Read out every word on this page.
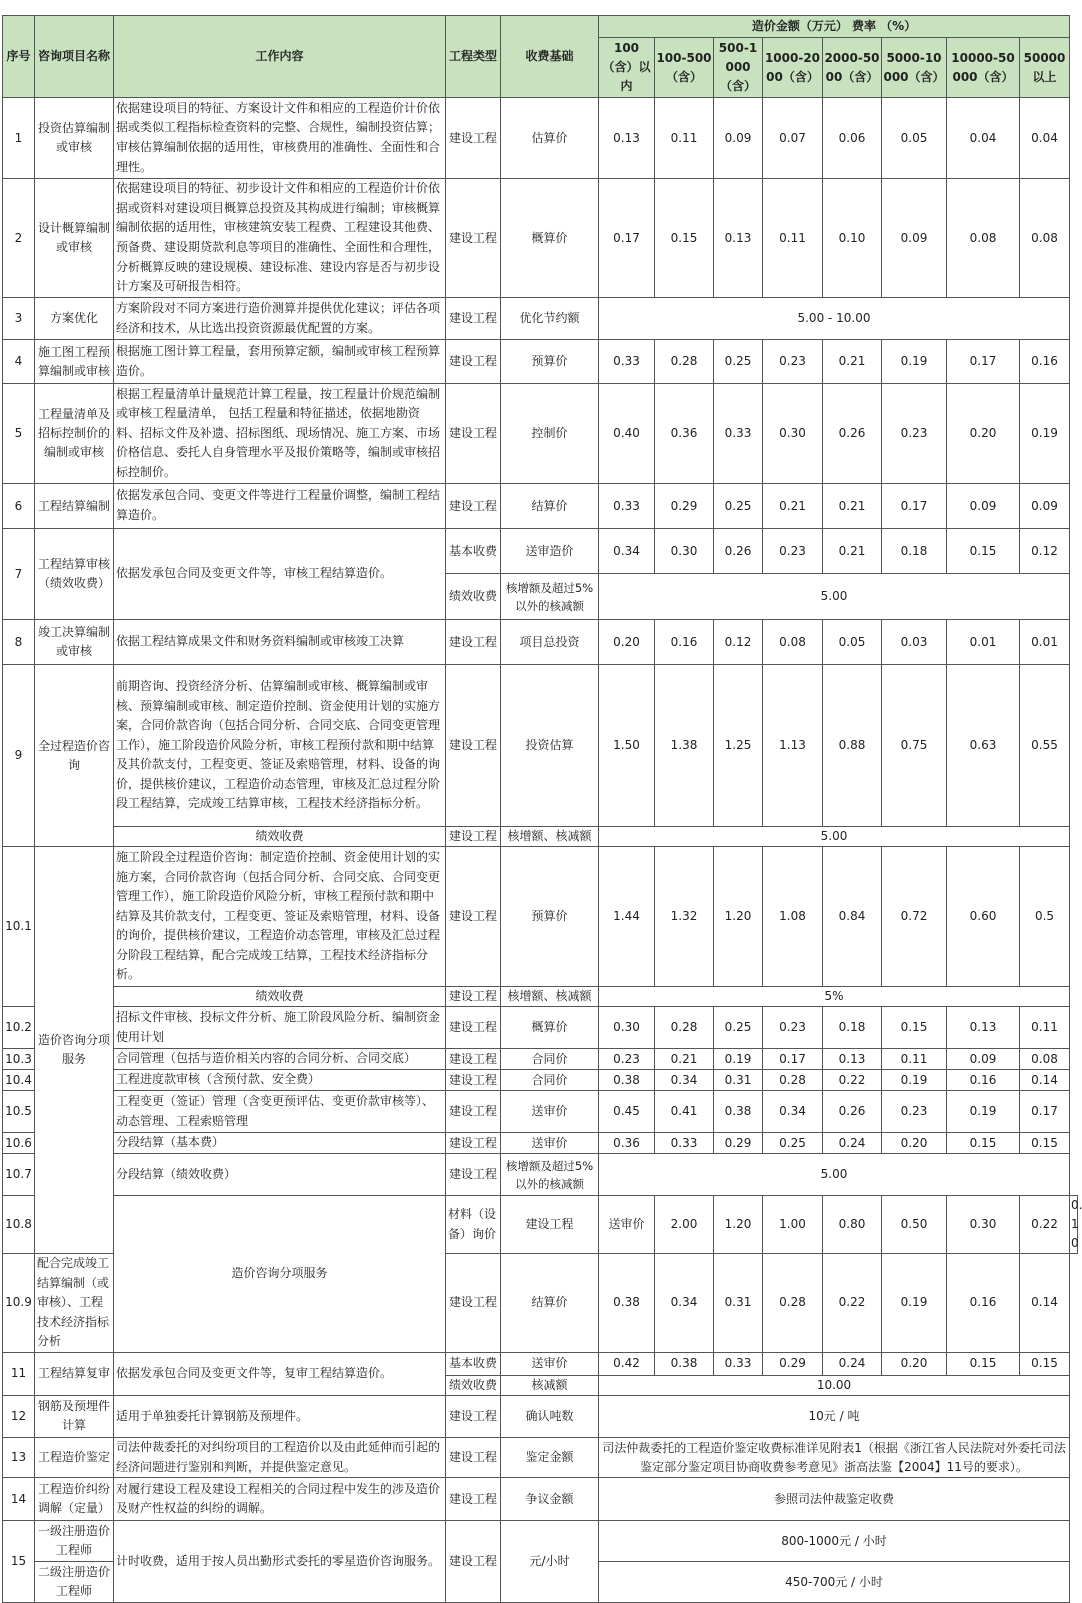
序号	咨询项目名称	工作内容	工程类型	收费基础	造价金额（万元） 费率 （%）								
					100（含）以内	100-500（含）	500-1000（含）	1000-2000（含）	2000-5000（含）	5000-10000（含）	10000-50000（含）	50000以上	
1	投资估算编制或审核	依据建设项目的特征、方案设计文件和相应的工程造价计价依据或类似工程指标检查资料的完整、合规性，编制投资估算； 审核估算编制依据的适用性，审核费用的准确性、全面性和合理性。	建设工程	估算价	0.13	0.11	0.09	0.07	0.06	0.05	0.04	0.04	
2	设计概算编制或审核	依据建设项目的特征、初步设计文件和相应的工程造价计价依据或资料对建设项目概算总投资及其构成进行编制；审核概算编制依据的适用性，审核建筑安装工程费、工程建设其他费、预备费、建设期贷款利息等项目的准确性、全面性和合理性，分析概算反映的建设规模、建设标准、建设内容是否与初步设计方案及可研报告相符。	建设工程	概算价	0.17	0.15	0.13	0.11	0.10	0.09	0.08	0.08	
3	方案优化	方案阶段对不同方案进行造价测算并提供优化建议；评估各项经济和技术，从比选出投资资源最优配置的方案。	建设工程	优化节约额	5.00 - 10.00								
4	施工图工程预算编制或审核	根据施工图计算工程量，套用预算定额，编制或审核工程预算造价。	建设工程	预算价	0.33	0.28	0.25	0.23	0.21	0.19	0.17	0.16	
5	工程量清单及招标控制价的编制或审核	根据工程量清单计量规范计算工程量，按工程量计价规范编制或审核工程量清单， 包括工程量和特征描述，依据地勘资料、招标文件及补遗、招标图纸、现场情况、施工方案、市场价格信息、委托人自身管理水平及报价策略等，编制或审核招标控制价。	建设工程	控制价	0.40	0.36	0.33	0.30	0.26	0.23	0.20	0.19	
6	工程结算编制	依据发承包合同、变更文件等进行工程量价调整，编制工程结算造价。	建设工程	结算价	0.33	0.29	0.25	0.21	0.21	0.17	0.09	0.09	
7	工程结算审核（绩效收费）	依据发承包合同及变更文件等，审核工程结算造价。	基本收费	送审造价	0.34	0.30	0.26	0.23	0.21	0.18	0.15	0.12	
			绩效收费	核增额及超过5%以外的核减额	5.00								
8	竣工决算编制或审核	依据工程结算成果文件和财务资料编制或审核竣工决算	建设工程	项目总投资	0.20	0.16	0.12	0.08	0.05	0.03	0.01	0.01	
9	全过程造价咨询	前期咨询、投资经济分析、估算编制或审核、概算编制或审核、预算编制或审核、制定造价控制、资金使用计划的实施方案，合同价款咨询（包括合同分析、合同交底、合同变更管理工作），施工阶段造价风险分析，审核工程预付款和期中结算及其价款支付，工程变更、签证及索赔管理，材料、设备的询价，提供核价建议，工程造价动态管理，审核及汇总过程分阶段工程结算，完成竣工结算审核，工程技术经济指标分析。	建设工程	投资估算	1.50	1.38	1.25	1.13	0.88	0.75	0.63	0.55	
		绩效收费	建设工程	核增额、核减额	5.00								
10.1	造价咨询分项服务	施工阶段全过程造价咨询：制定造价控制、资金使用计划的实施方案，合同价款咨询（包括合同分析、合同交底、合同变更管理工作），施工阶段造价风险分析，审核工程预付款和期中结算及其价款支付，工程变更、签证及索赔管理，材料、设备的询价，提供核价建议，工程造价动态管理，审核及汇总过程分阶段工程结算，配合完成竣工结算，工程技术经济指标分析。	建设工程	预算价	1.44	1.32	1.20	1.08	0.84	0.72	0.60	0.5	
		绩效收费	建设工程	核增额、核减额	5%								
10.2		招标文件审核、投标文件分析、施工阶段风险分析、编制资金使用计划	建设工程	概算价	0.30	0.28	0.25	0.23	0.18	0.15	0.13	0.11	
10.3		合同管理（包括与造价相关内容的合同分析、合同交底）	建设工程	合同价	0.23	0.21	0.19	0.17	0.13	0.11	0.09	0.08	
10.4		工程进度款审核（含预付款、安全费）	建设工程	合同价	0.38	0.34	0.31	0.28	0.22	0.19	0.16	0.14	
10.5		工程变更（签证）管理（含变更预评估、变更价款审核等）、动态管理、工程索赔管理	建设工程	送审价	0.45	0.41	0.38	0.34	0.26	0.23	0.19	0.17	
10.6		分段结算（基本费）	建设工程	送审价	0.36	0.33	0.29	0.25	0.24	0.20	0.15	0.15	
10.7		分段结算（绩效收费）	建设工程	核增额及超过5%以外的核减额	5.00								
10.8		造价咨询分项服务	材料（设备）询价	建设工程	送审价	2.00	1.20	1.00	0.80	0.50	0.30	0.22	0.10
10.9	配合完成竣工结算编制（或审核）、工程技术经济指标分析		建设工程	结算价	0.38	0.34	0.31	0.28	0.22	0.19	0.16	0.14	
11	工程结算复审	依据发承包合同及变更文件等，复审工程结算造价。	基本收费	送审价	0.42	0.38	0.33	0.29	0.24	0.20	0.15	0.15	
			绩效收费	核减额	10.00								
12	钢筋及预埋件计算	适用于单独委托计算钢筋及预埋件。	建设工程	确认吨数	10元 / 吨								
13	工程造价鉴定	司法仲裁委托的对纠纷项目的工程造价以及由此延伸而引起的经济问题进行鉴别和判断，并提供鉴定意见。	建设工程	鉴定金额	司法仲裁委托的工程造价鉴定收费标准详见附表1（根据《浙江省人民法院对外委托司法鉴定部分鉴定项目协商收费参考意见》浙高法鉴【2004】11号的要求）。								
14	工程造价纠纷调解（定量）	对履行建设工程及建设工程相关的合同过程中发生的涉及造价及财产性权益的纠纷的调解。	建设工程	争议金额	参照司法仲裁鉴定收费								
15	一级注册造价工程师	计时收费，适用于按人员出勤形式委托的零星造价咨询服务。	建设工程	元/小时	800-1000元 / 小时								
	二级注册造价工程师				450-700元 / 小时								
